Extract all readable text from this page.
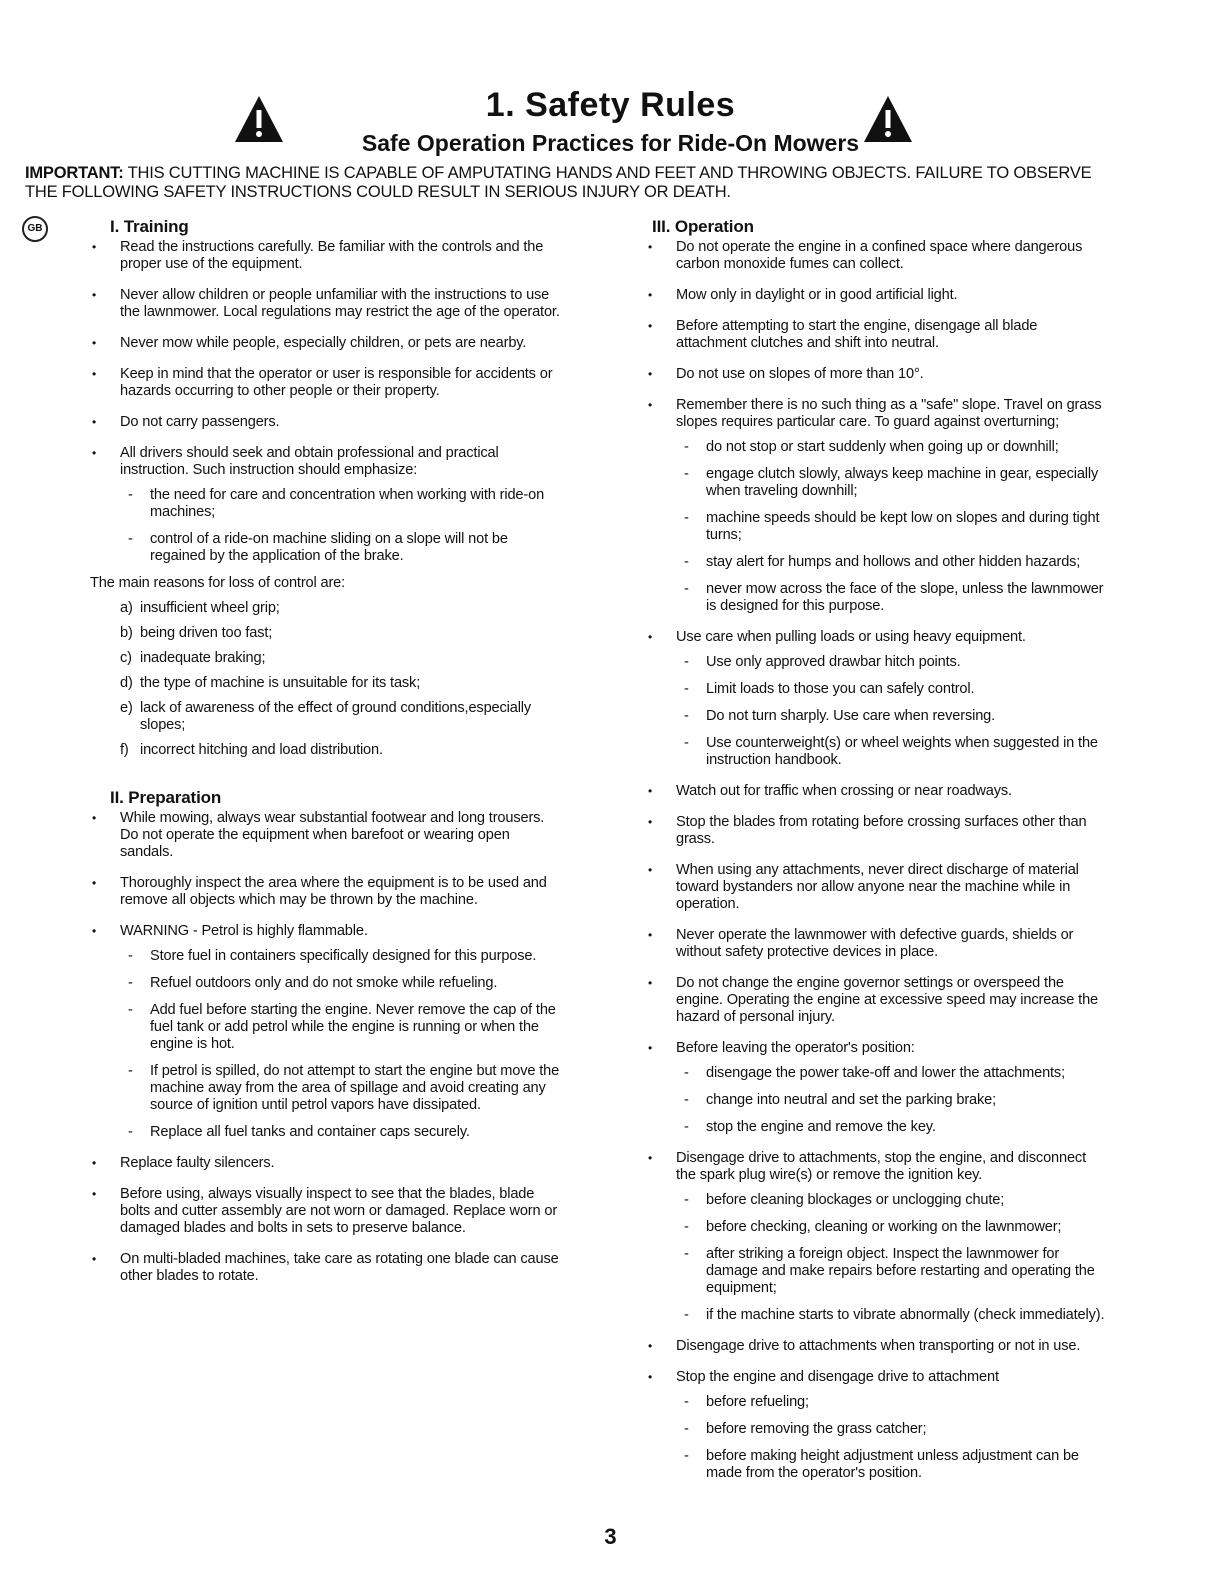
1. Safety Rules
Safe Operation Practices for Ride-On Mowers
IMPORTANT: THIS CUTTING MACHINE IS CAPABLE OF AMPUTATING HANDS AND FEET AND THROWING OBJECTS. FAILURE TO OBSERVE THE FOLLOWING SAFETY INSTRUCTIONS COULD RESULT IN SERIOUS INJURY OR DEATH.
GB	I. Training
• Read the instructions carefully. Be familiar with the controls and the proper use of the equipment.
• Never allow children or people unfamiliar with the instructions to use the lawnmower. Local regulations may restrict the age of the operator.
• Never mow while people, especially children, or pets are nearby.
• Keep in mind that the operator or user is responsible for accidents or hazards occurring to other people or their property.
• Do not carry passengers.
• All drivers should seek and obtain professional and practical instruction. Such instruction should emphasize:
- the need for care and concentration when working with ride-on machines;
- control of a ride-on machine sliding on a slope will not be regained by the application of the brake.
The main reasons for loss of control are:
a) insufficient wheel grip;
b) being driven too fast;
c) inadequate braking;
d) the type of machine is unsuitable for its task;
e) lack of awareness of the effect of ground conditions,especially slopes;
f) incorrect hitching and load distribution.
II. Preparation
• While mowing, always wear substantial footwear and long trousers. Do not operate the equipment when barefoot or wearing open sandals.
• Thoroughly inspect the area where the equipment is to be used and remove all objects which may be thrown by the machine.
• WARNING - Petrol is highly flammable.
- Store fuel in containers specifically designed for this purpose.
- Refuel outdoors only and do not smoke while refueling.
- Add fuel before starting the engine. Never remove the cap of the fuel tank or add petrol while the engine is running or when the engine is hot.
- If petrol is spilled, do not attempt to start the engine but move the machine away from the area of spillage and avoid creating any source of ignition until petrol vapors have dissipated.
- Replace all fuel tanks and container caps securely.
• Replace faulty silencers.
• Before using, always visually inspect to see that the blades, blade bolts and cutter assembly are not worn or damaged. Replace worn or damaged blades and bolts in sets to preserve balance.
• On multi-bladed machines, take care as rotating one blade can cause other blades to rotate.
III. Operation
• Do not operate the engine in a confined space where dangerous carbon monoxide fumes can collect.
• Mow only in daylight or in good artificial light.
• Before attempting to start the engine, disengage all blade attachment clutches and shift into neutral.
• Do not use on slopes of more than 10°.
• Remember there is no such thing as a "safe" slope. Travel on grass slopes requires particular care. To guard against overturning;
- do not stop or start suddenly when going up or downhill;
- engage clutch slowly, always keep machine in gear, especially when traveling downhill;
- machine speeds should be kept low on slopes and during tight turns;
- stay alert for humps and hollows and other hidden hazards;
- never mow across the face of the slope, unless the lawnmower is designed for this purpose.
• Use care when pulling loads or using heavy equipment.
- Use only approved drawbar hitch points.
- Limit loads to those you can safely control.
- Do not turn sharply. Use care when reversing.
- Use counterweight(s) or wheel weights when suggested in the instruction handbook.
• Watch out for traffic when crossing or near roadways.
• Stop the blades from rotating before crossing surfaces other than grass.
• When using any attachments, never direct discharge of material toward bystanders nor allow anyone near the machine while in operation.
• Never operate the lawnmower with defective guards, shields or without safety protective devices in place.
• Do not change the engine governor settings or overspeed the engine. Operating the engine at excessive speed may increase the hazard of personal injury.
• Before leaving the operator's position:
- disengage the power take-off and lower the attachments;
- change into neutral and set the parking brake;
- stop the engine and remove the key.
• Disengage drive to attachments, stop the engine, and disconnect the spark plug wire(s) or remove the ignition key.
- before cleaning blockages or unclogging chute;
- before checking, cleaning or working on the lawnmower;
- after striking a foreign object. Inspect the lawnmower for damage and make repairs before restarting and operating the equipment;
- if the machine starts to vibrate abnormally (check immediately).
• Disengage drive to attachments when transporting or not in use.
• Stop the engine and disengage drive to attachment
- before refueling;
- before removing the grass catcher;
- before making height adjustment unless adjustment can be made from the operator's position.
3
